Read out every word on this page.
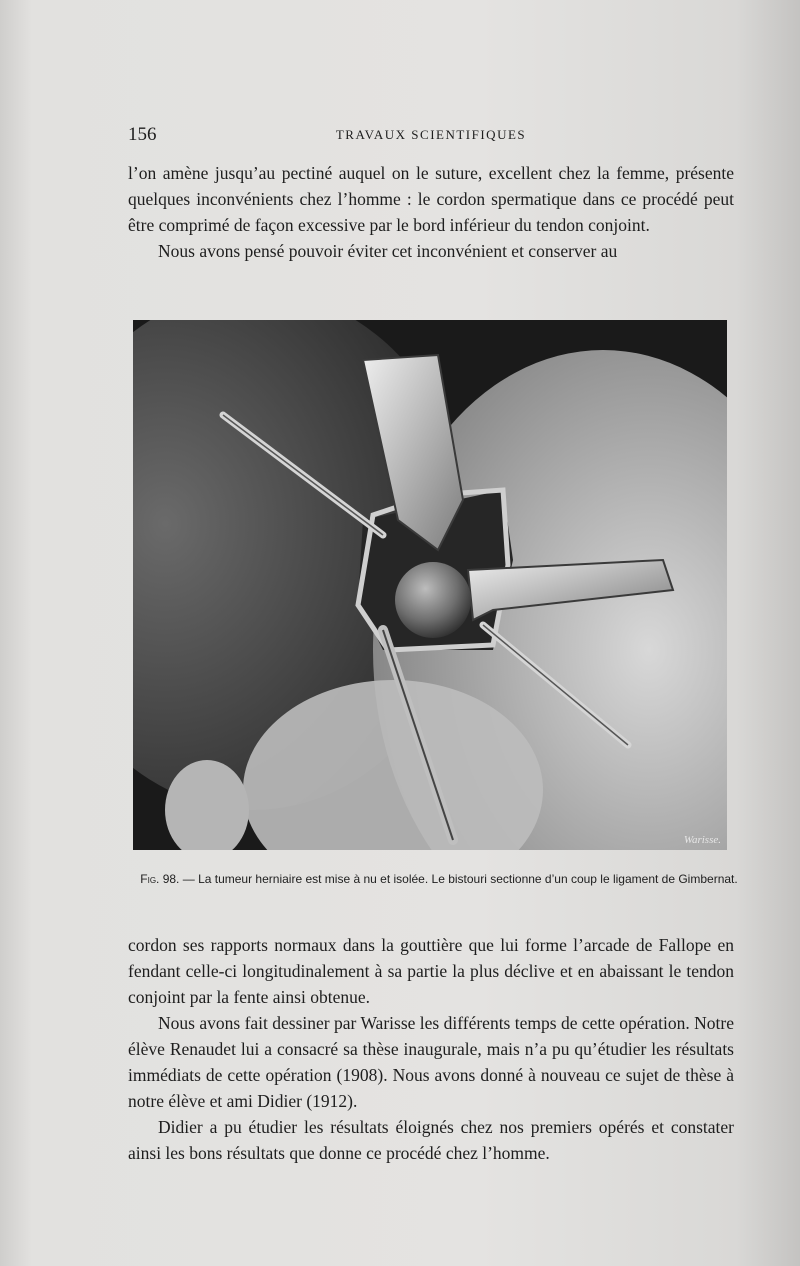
156	TRAVAUX SCIENTIFIQUES

l’on amène jusqu’au pectiné auquel on le suture, excellent chez la femme, présente quelques inconvénients chez l’homme : le cordon spermatique dans ce procédé peut être comprimé de façon excessive par le bord inférieur du tendon conjoint.

Nous avons pensé pouvoir éviter cet inconvénient et conserver au

Warisse.
Fig. 98. — La tumeur herniaire est mise à nu et isolée. Le bistouri sectionne d’un coup le ligament de Gimbernat.

cordon ses rapports normaux dans la gouttière que lui forme l’arcade de Fallope en fendant celle-ci longitudinalement à sa partie la plus déclive et en abaissant le tendon conjoint par la fente ainsi obtenue.

Nous avons fait dessiner par Warisse les différents temps de cette opération. Notre élève Renaudet lui a consacré sa thèse inaugurale, mais n’a pu qu’étudier les résultats immédiats de cette opération (1908). Nous avons donné à nouveau ce sujet de thèse à notre élève et ami Didier (1912).

Didier a pu étudier les résultats éloignés chez nos premiers opérés et constater ainsi les bons résultats que donne ce procédé chez l’homme.
